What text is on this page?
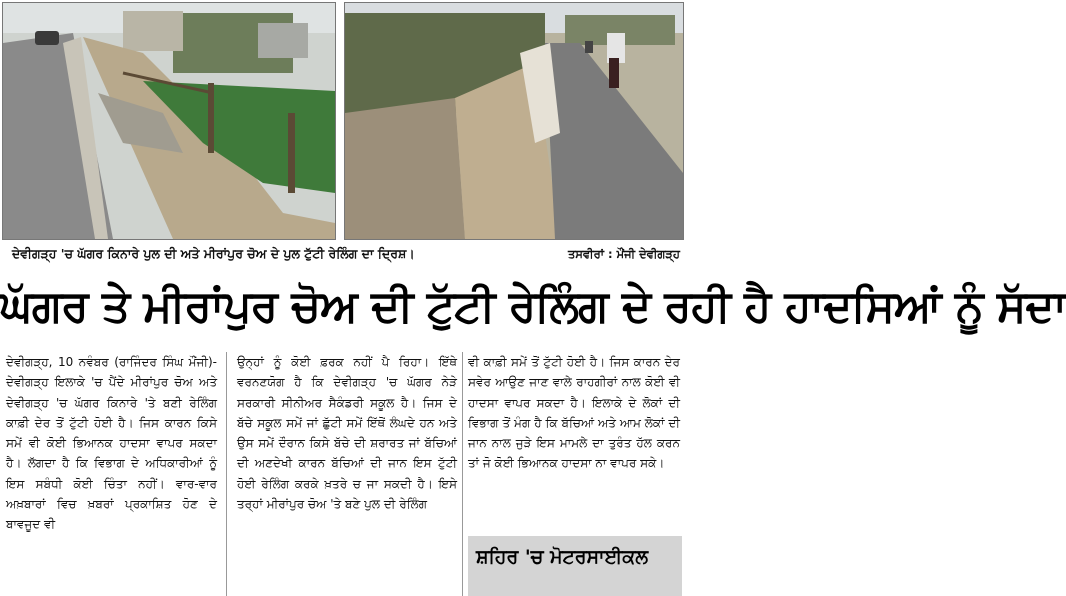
ਦੇਵੀਗੜ੍ਹ 'ਚ ਘੱਗਰ ਕਿਨਾਰੇ ਪੁਲ ਦੀ ਅਤੇ ਮੀਰਾਂਪੁਰ ਚੋਅ ਦੇ ਪੁਲ ਟੁੱਟੀ ਰੇਲਿੰਗ ਦਾ ਦ੍ਰਿਸ਼।	ਤਸਵੀਰਾਂ : ਮੌਂਜੀ ਦੇਵੀਗੜ੍ਹ
ਘੱਗਰ ਤੇ ਮੀਰਾਂਪੁਰ ਚੋਅ ਦੀ ਟੁੱਟੀ ਰੇਲਿੰਗ ਦੇ ਰਹੀ ਹੈ ਹਾਦਸਿਆਂ ਨੂੰ ਸੱਦਾ
ਦੇਵੀਗੜ੍ਹ, 10 ਨਵੰਬਰ (ਰਾਜਿੰਦਰ ਸਿੰਘ ਮੌਂਜੀ)-ਦੇਵੀਗੜ੍ਹ ਇਲਾਕੇ 'ਚ ਪੈਂਦੇ ਮੀਰਾਂਪੁਰ ਚੋਅ ਅਤੇ ਦੇਵੀਗੜ੍ਹ 'ਚ ਘੱਗਰ ਕਿਨਾਰੇ 'ਤੇ ਬਣੀ ਰੇਲਿੰਗ ਕਾਫ਼ੀ ਦੇਰ ਤੋਂ ਟੁੱਟੀ ਹੋਈ ਹੈ। ਜਿਸ ਕਾਰਨ ਕਿਸੇ ਸਮੇਂ ਵੀ ਕੋਈ ਭਿਆਨਕ ਹਾਦਸਾ ਵਾਪਰ ਸਕਦਾ ਹੈ। ਲੱਗਦਾ ਹੈ ਕਿ ਵਿਭਾਗ ਦੇ ਅਧਿਕਾਰੀਆਂ ਨੂੰ ਇਸ ਸਬੰਧੀ ਕੋਈ ਚਿੰਤਾ ਨਹੀਂ। ਵਾਰ-ਵਾਰ ਅਖ਼ਬਾਰਾਂ ਵਿਚ ਖ਼ਬਰਾਂ ਪ੍ਰਕਾਸ਼ਿਤ ਹੋਣ ਦੇ ਬਾਵਜੂਦ ਵੀ
ਉਨ੍ਹਾਂ ਨੂੰ ਕੋਈ ਫ਼ਰਕ ਨਹੀਂ ਪੈ ਰਿਹਾ। ਇੱਥੇ ਵਰਨਣਯੋਗ ਹੈ ਕਿ ਦੇਵੀਗੜ੍ਹ 'ਚ ਘੱਗਰ ਨੇੜੇ ਸਰਕਾਰੀ ਸੀਨੀਅਰ ਸੈਕੰਡਰੀ ਸਕੂਲ ਹੈ। ਜਿਸ ਦੇ ਬੱਚੇ ਸਕੂਲ ਸਮੇਂ ਜਾਂ ਛੁੱਟੀ ਸਮੇਂ ਇੱਥੋਂ ਲੰਘਦੇ ਹਨ ਅਤੇ ਉਸ ਸਮੇਂ ਦੌਰਾਨ ਕਿਸੇ ਬੱਚੇ ਦੀ ਸ਼ਰਾਰਤ ਜਾਂ ਬੱਚਿਆਂ ਦੀ ਅਣਦੇਖੀ ਕਾਰਨ ਬੱਚਿਆਂ ਦੀ ਜਾਨ ਇਸ ਟੁੱਟੀ ਹੋਈ ਰੇਲਿੰਗ ਕਰਕੇ ਖ਼ਤਰੇ ਚ ਜਾ ਸਕਦੀ ਹੈ। ਇਸੇ ਤਰ੍ਹਾਂ ਮੀਰਾਂਪੁਰ ਚੋਅ 'ਤੇ ਬਣੇ ਪੁਲ ਦੀ ਰੇਲਿੰਗ
ਵੀ ਕਾਫ਼ੀ ਸਮੇਂ ਤੋਂ ਟੁੱਟੀ ਹੋਈ ਹੈ। ਜਿਸ ਕਾਰਨ ਦੇਰ ਸਵੇਰ ਆਉਣ ਜਾਣ ਵਾਲੇ ਰਾਹਗੀਰਾਂ ਨਾਲ ਕੋਈ ਵੀ ਹਾਦਸਾ ਵਾਪਰ ਸਕਦਾ ਹੈ। ਇਲਾਕੇ ਦੇ ਲੋਕਾਂ ਦੀ ਵਿਭਾਗ ਤੋਂ ਮੰਗ ਹੈ ਕਿ ਬੱਚਿਆਂ ਅਤੇ ਆਮ ਲੋਕਾਂ ਦੀ ਜਾਨ ਨਾਲ ਜੁੜੇ ਇਸ ਮਾਮਲੇ ਦਾ ਤੁਰੰਤ ਹੱਲ ਕਰਨ ਤਾਂ ਜੋ ਕੋਈ ਭਿਆਨਕ ਹਾਦਸਾ ਨਾ ਵਾਪਰ ਸਕੇ।
ਸ਼ਹਿਰ 'ਚ ਮੋਟਰਸਾਈਕਲ
